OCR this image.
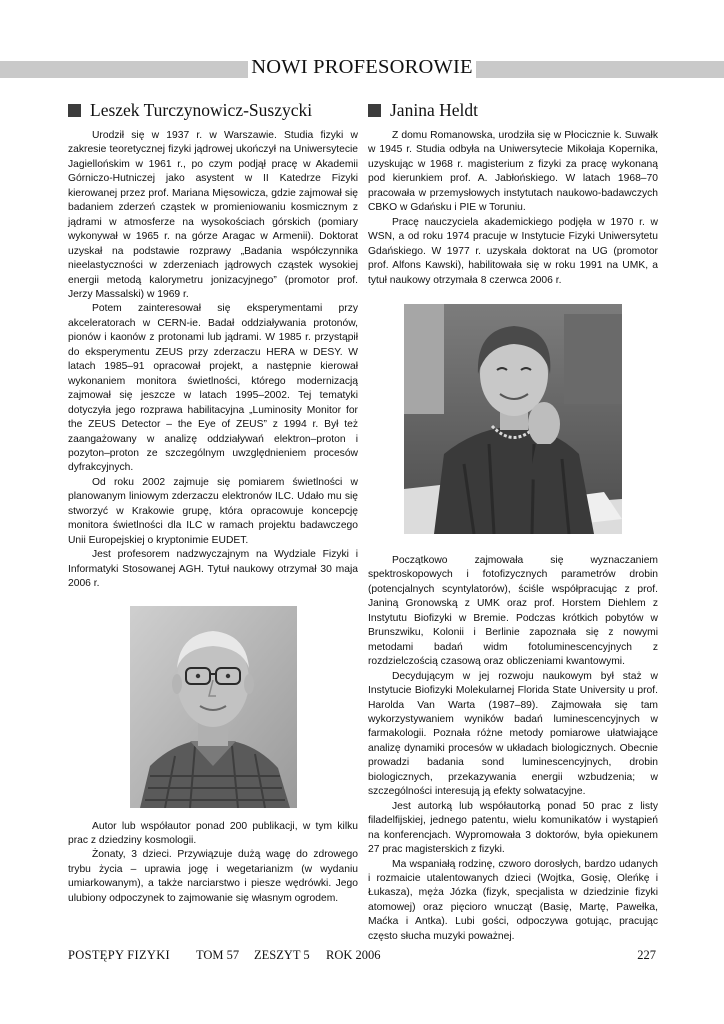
NOWI PROFESOROWIE
Leszek Turczynowicz-Suszycki

Urodził się w 1937 r. w Warszawie. Studia fizyki w zakresie teoretycznej fizyki jądrowej ukończył na Uniwersytecie Jagiellońskim w 1961 r., po czym podjął pracę w Akademii Górniczo-Hutniczej jako asystent w II Katedrze Fizyki kierowanej przez prof. Mariana Mięsowicza, gdzie zajmował się badaniem zderzeń cząstek w promieniowaniu kosmicznym z jądrami w atmosferze na wysokościach górskich (pomiary wykonywał w 1965 r. na górze Aragac w Armenii). Doktorat uzyskał na podstawie rozprawy „Badania współczynnika nieelastyczności w zderzeniach jądrowych cząstek wysokiej energii metodą kalorymetru jonizacyjnego” (promotor prof. Jerzy Massalski) w 1969 r.

Potem zainteresował się eksperymentami przy akceleratorach w CERN-ie. Badał oddziaływania protonów, pionów i kaonów z protonami lub jądrami. W 1985 r. przystąpił do eksperymentu ZEUS przy zderzaczu HERA w DESY. W latach 1985–91 opracował projekt, a następnie kierował wykonaniem monitora świetlności, którego modernizacją zajmował się jeszcze w latach 1995–2002. Tej tematyki dotyczyła jego rozprawa habilitacyjna „Luminosity Monitor for the ZEUS Detector – the Eye of ZEUS” z 1994 r. Był też zaangażowany w analizę oddziaływań elektron–proton i pozyton–proton ze szczególnym uwzględnieniem procesów dyfrakcyjnych.

Od roku 2002 zajmuje się pomiarem świetlności w planowanym liniowym zderzaczu elektronów ILC. Udało mu się stworzyć w Krakowie grupę, która opracowuje koncepcję monitora świetlności dla ILC w ramach projektu badawczego Unii Europejskiej o kryptonimie EUDET.

Jest profesorem nadzwyczajnym na Wydziale Fizyki i Informatyki Stosowanej AGH. Tytuł naukowy otrzymał 30 maja 2006 r.

Autor lub współautor ponad 200 publikacji, w tym kilku prac z dziedziny kosmologii.

Żonaty, 3 dzieci. Przywiązuje dużą wagę do zdrowego trybu życia – uprawia jogę i wegetarianizm (w wydaniu umiarkowanym), a także narciarstwo i piesze wędrówki. Jego ulubiony odpoczynek to zajmowanie się własnym ogrodem.

Janina Heldt

Z domu Romanowska, urodziła się w Płocicznie k. Suwałk w 1945 r. Studia odbyła na Uniwersytecie Mikołaja Kopernika, uzyskując w 1968 r. magisterium z fizyki za pracę wykonaną pod kierunkiem prof. A. Jabłońskiego. W latach 1968–70 pracowała w przemysłowych instytutach naukowo-badawczych CBKO w Gdańsku i PIE w Toruniu.

Pracę nauczyciela akademickiego podjęła w 1970 r. w WSN, a od roku 1974 pracuje w Instytucie Fizyki Uniwersytetu Gdańskiego. W 1977 r. uzyskała doktorat na UG (promotor prof. Alfons Kawski), habilitowała się w roku 1991 na UMK, a tytuł naukowy otrzymała 8 czerwca 2006 r.

Początkowo zajmowała się wyznaczaniem spektroskopowych i fotofizycznych parametrów drobin (potencjalnych scyntylatorów), ściśle współpracując z prof. Janiną Gronowską z UMK oraz prof. Horstem Diehlem z Instytutu Biofizyki w Bremie. Podczas krótkich pobytów w Brunszwiku, Kolonii i Berlinie zapoznała się z nowymi metodami badań widm fotoluminescencyjnych z rozdzielczością czasową oraz obliczeniami kwantowymi.

Decydującym w jej rozwoju naukowym był staż w Instytucie Biofizyki Molekularnej Florida State University u prof. Harolda Van Warta (1987–89). Zajmowała się tam wykorzystywaniem wyników badań luminescencyjnych w farmakologii. Poznała różne metody pomiarowe ułatwiające analizę dynamiki procesów w układach biologicznych. Obecnie prowadzi badania sond luminescencyjnych, drobin biologicznych, przekazywania energii wzbudzenia; w szczególności interesują ją efekty solwatacyjne.

Jest autorką lub współautorką ponad 50 prac z listy filadelfijskiej, jednego patentu, wielu komunikatów i wystąpień na konferencjach. Wypromowała 3 doktorów, była opiekunem 27 prac magisterskich z fizyki.

Ma wspaniałą rodzinę, czworo dorosłych, bardzo udanych i rozmaicie utalentowanych dzieci (Wojtka, Gosię, Oleńkę i Łukasza), męża Józka (fizyk, specjalista w dziedzinie fizyki atomowej) oraz pięcioro wnucząt (Basię, Martę, Pawełka, Maćka i Antka). Lubi gości, odpoczywa gotując, pracując często słucha muzyki poważnej.

POSTĘPY FIZYKI TOM 57 ZESZYT 5 ROK 2006	227
